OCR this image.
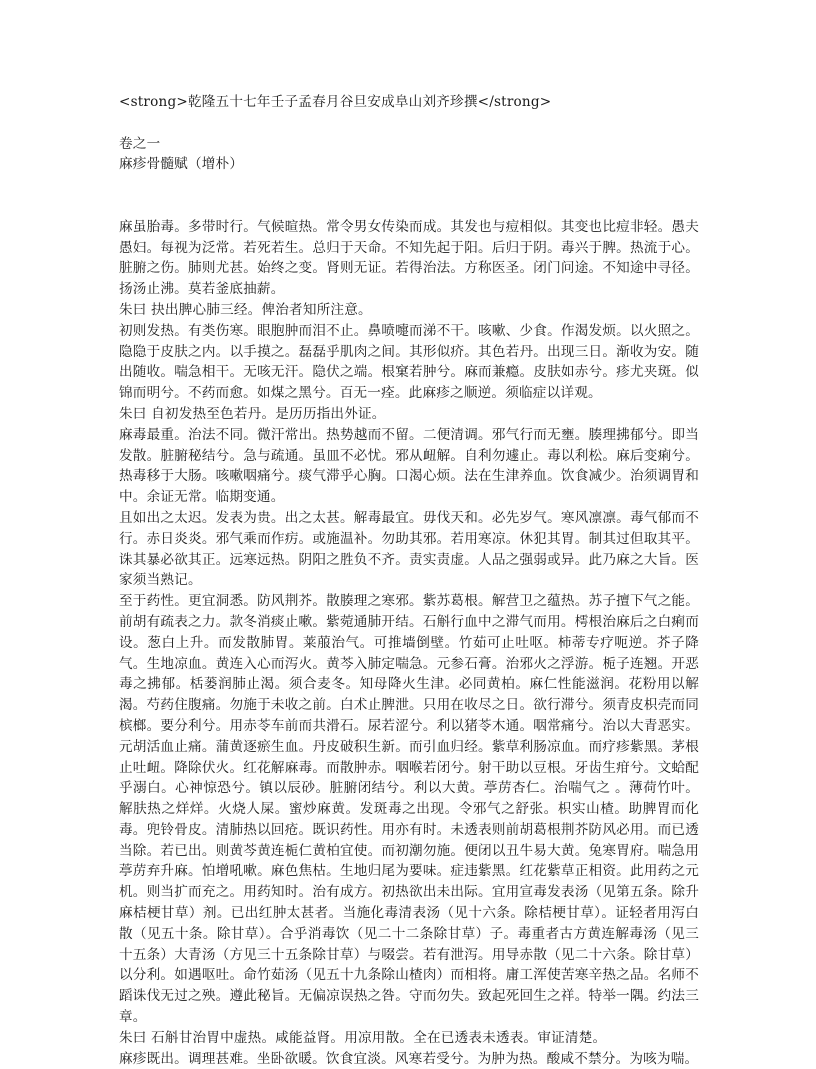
<strong>乾隆五十七年壬子孟春月谷旦安成阜山刘齐珍撰</strong>
卷之一
麻疹骨髓赋（增朴）
麻虽胎毒。多带时行。气候暄热。常令男女传染而成。其发也与痘相似。其变也比痘非轻。愚夫愚妇。每视为泛常。若死若生。总归于天命。不知先起于阳。后归于阴。毒兴于脾。热流于心。脏腑之伤。肺则尤甚。始终之变。肾则无证。若得治法。方称医圣。闭门问途。不知途中寻径。扬汤止沸。莫若釜底抽薪。
朱曰 抉出脾心肺三经。俾治者知所注意。
初则发热。有类伤寒。眼胞肿而泪不止。鼻喷嚏而涕不干。咳嗽、少食。作渴发烦。以火照之。隐隐于皮肤之内。以手摸之。磊磊乎肌肉之间。其形似疥。其色若丹。出现三日。渐收为安。随出随收。喘急相干。无咳无汗。隐伏之端。根窠若肿兮。麻而兼瘾。皮肤如赤兮。疹尤夹斑。似锦而明兮。不药而愈。如煤之黑兮。百无一痊。此麻疹之顺逆。须临症以详观。
朱曰 自初发热至色若丹。是历历指出外证。
麻毒最重。治法不同。微汗常出。热势越而不留。二便清调。邪气行而无壅。腠理拂郁兮。即当发散。脏腑秘结兮。急与疏通。虽皿不必忧。邪从衄解。自利勿遽止。毒以利松。麻后变痢兮。热毒移于大肠。咳嗽咽痛兮。痰气滞乎心胸。口渴心烦。法在生津养血。饮食减少。治须调胃和中。余证无常。临期变通。
且如出之太迟。发表为贵。出之太甚。解毒最宜。毋伐天和。必先岁气。寒风凛凛。毒气郁而不行。赤日炎炎。邪气乘而作疠。或施温补。勿助其邪。若用寒凉。休犯其胃。制其过但取其平。诛其暴必欲其正。远寒远热。阴阳之胜负不齐。责实责虚。人品之强弱或异。此乃麻之大旨。医家须当熟记。
至于药性。更宜洞悉。防风荆芥。散腠理之寒邪。紫苏葛根。解营卫之蕴热。苏子擅下气之能。前胡有疏表之力。款冬消痰止嗽。紫菀通肺开结。石斛行血中之滞气而用。樗根治麻后之白痢而设。葱白上升。而发散肺胃。莱菔治气。可推墙倒壁。竹茹可止吐呕。柿蒂专疗呃逆。芥子降气。生地凉血。黄连入心而泻火。黄芩入肺定喘急。元参石膏。治邪火之浮游。栀子连翘。开恶毒之拂郁。栝蒌润肺止渴。须合麦冬。知母降火生津。必同黄柏。麻仁性能滋润。花粉用以解渴。芍药住腹痛。勿施于未收之前。白术止脾泄。只用在收尽之日。欲行滞兮。须青皮枳壳而同槟榔。要分利兮。用赤苓车前而共滑石。尿若涩兮。利以猪苓木通。咽常痛兮。治以大青恶实。元胡活血止痛。蒲黄逐瘀生血。丹皮破积生新。而引血归经。紫草利肠凉血。而疗疹紫黑。茅根止吐衄。降除伏火。红花解麻毒。而散肿赤。咽喉若闭兮。射干助以豆根。牙齿生疳兮。文蛤配乎溺白。心神惊恐兮。镇以辰砂。脏腑闭结兮。利以大黄。葶苈杏仁。治喘气之 。薄荷竹叶。解肤热之烊烊。火烧人屎。蜜炒麻黄。发斑毒之出现。令邪气之舒张。枳实山楂。助脾胃而化毒。兜铃骨皮。清肺热以回疮。既识药性。用亦有时。未透表则前胡葛根荆芥防风必用。而已透当除。若已出。则黄芩黄连栀仁黄柏宜使。而初潮勿施。便闭以丑牛易大黄。兔寒胃府。喘急用葶苈弃升麻。怕增吼嗽。麻色焦枯。生地归尾为要味。症违紫黑。红花紫草正相资。此用药之元机。则当扩而充之。用药知时。治有成方。初热欲出未出际。宜用宣毒发表汤（见第五条。除升麻桔梗甘草）剂。已出红肿太甚者。当施化毒清表汤（见十六条。除桔梗甘草）。证轻者用泻白散（见五十条。除甘草）。合乎消毒饮（见二十二条除甘草）子。毒重者古方黄连解毒汤（见三十五条）大青汤（方见三十五条除甘草）与啜尝。若有泄泻。用导赤散（见二十六条。除甘草）以分利。如遇呕吐。命竹茹汤（见五十九条除山楂肉）而相将。庸工浑使苦寒辛热之品。名师不蹈诛伐无过之殃。遵此秘旨。无偏凉误热之咎。守而勿失。致起死回生之祥。特举一隅。约法三章。
朱曰 石斛甘治胃中虚热。咸能益肾。用凉用散。全在已透表未透表。审证清楚。
麻疹既出。调理甚难。坐卧欲暖。饮食宜淡。风寒若受兮。为肿为热。酸咸不禁分。为咳为喘。
